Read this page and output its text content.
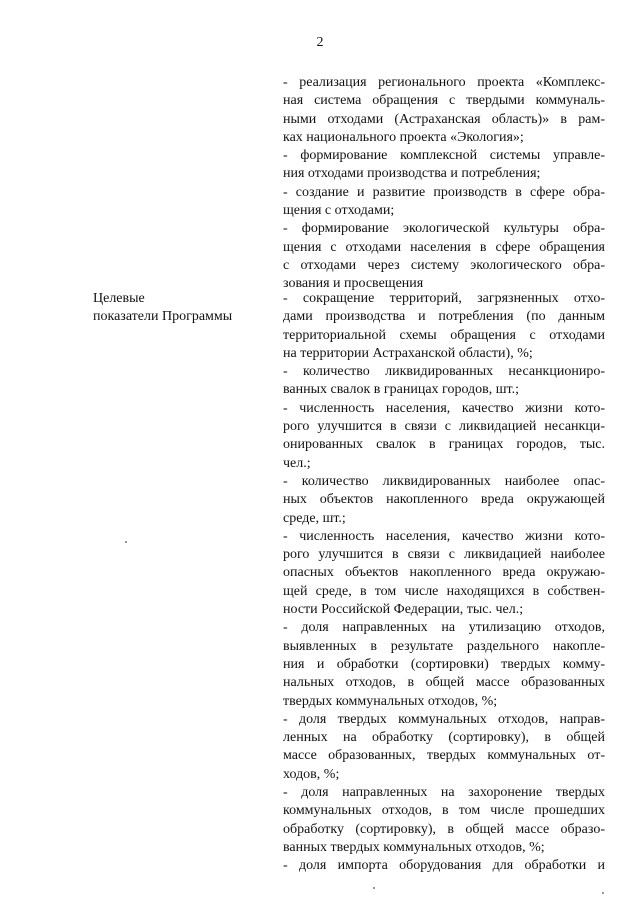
2

- реализация регионального проекта «Комплекс-
ная система обращения с твердыми коммуналь-
ными отходами (Астраханская область)» в рам-
ках национального проекта «Экология»;

- формирование комплексной системы управле-
ния отходами производства и потребления;

- создание и развитие производств в сфере обра-
щения с отходами;

- формирование экологической культуры обра-
щения с отходами населения в сфере обращения
с отходами через систему экологического обра-
зования и просвещения

Целевые
показатели Программы

- сокращение территорий, загрязненных отхо-
дами производства и потребления (по данным
территориальной схемы обращения с отходами
на территории Астраханской области), %;

- количество ликвидированных несанкциониро-
ванных свалок в границах городов, шт.;

- численность населения, качество жизни кото-
рого улучшится в связи с ликвидацией несанкци-
онированных свалок в границах городов, тыс.
чел.;

- количество ликвидированных наиболее опас-
ных объектов накопленного вреда окружающей
среде, шт.;

- численность населения, качество жизни кото-
рого улучшится в связи с ликвидацией наиболее
опасных объектов накопленного вреда окружаю-
щей среде, в том числе находящихся в собствен-
ности Российской Федерации, тыс. чел.;

- доля направленных на утилизацию отходов,
выявленных в результате раздельного накопле-
ния и обработки (сортировки) твердых комму-
нальных отходов, в общей массе образованных
твердых коммунальных отходов, %;

- доля твердых коммунальных отходов, направ-
ленных на обработку (сортировку), в общей
массе образованных, твердых коммунальных от-
ходов, %;

- доля направленных на захоронение твердых
коммунальных отходов, в том числе прошедших
обработку (сортировку), в общей массе образо-
ванных твердых коммунальных отходов, %;

- доля импорта оборудования для обработки и
